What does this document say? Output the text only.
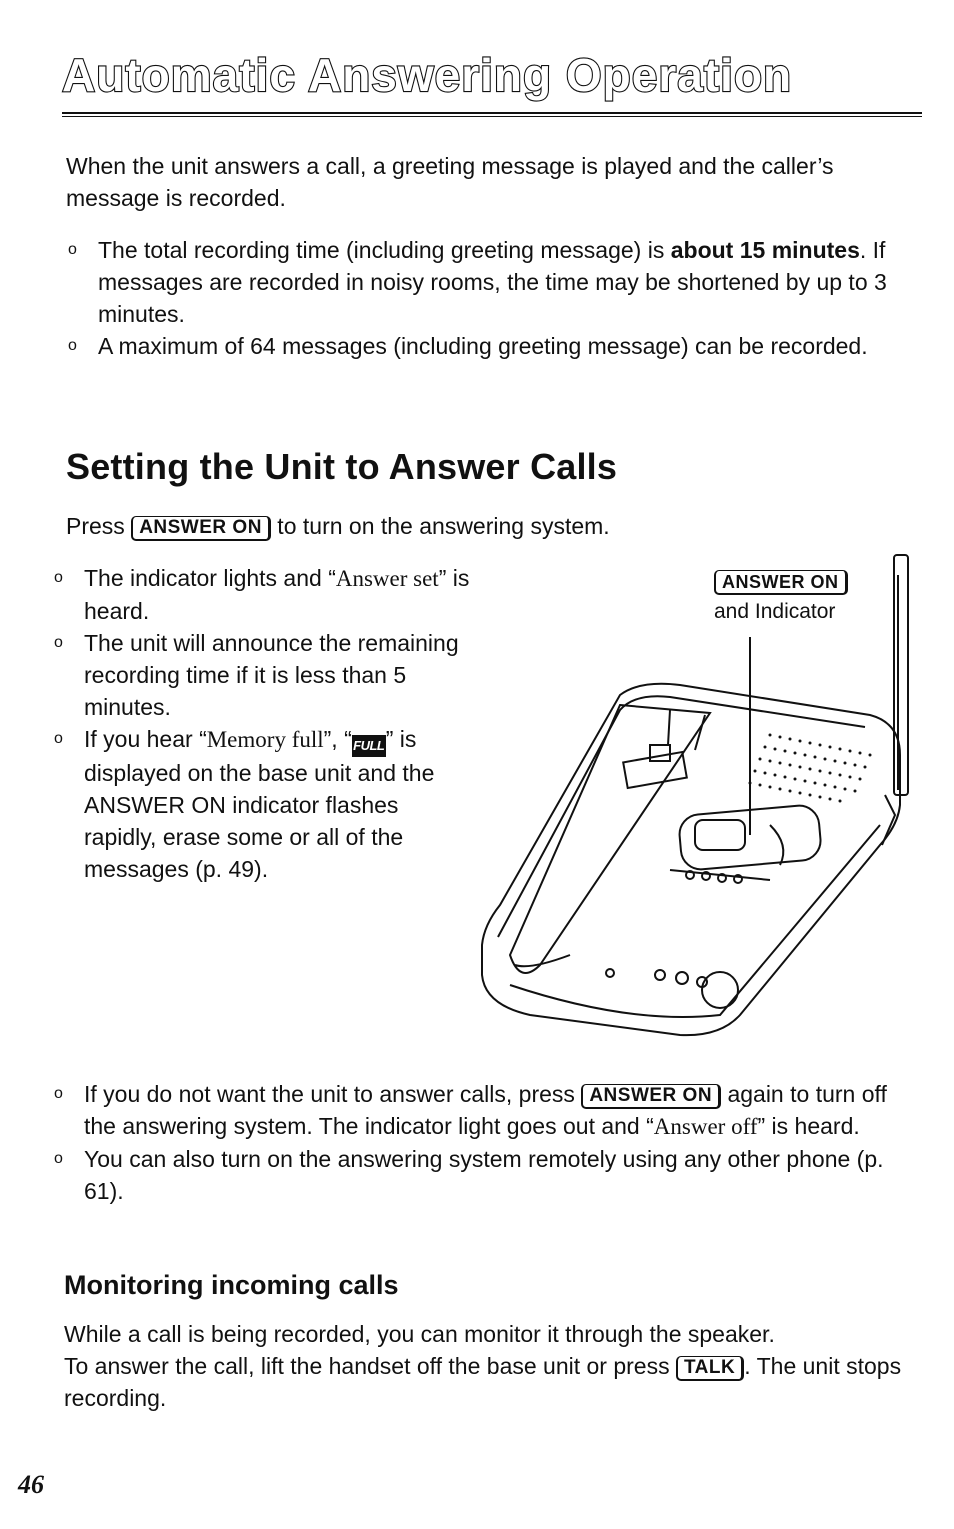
Automatic Answering Operation
When the unit answers a call, a greeting message is played and the caller’s message is recorded.
o The total recording time (including greeting message) is about 15 minutes. If messages are recorded in noisy rooms, the time may be shortened by up to 3 minutes.
o A maximum of 64 messages (including greeting message) can be recorded.
Setting the Unit to Answer Calls
Press ANSWER ON to turn on the answering system.
o The indicator lights and “Answer set” is heard.
o The unit will announce the remaining recording time if it is less than 5 minutes.
o If you hear “Memory full”, “FULL” is displayed on the base unit and the ANSWER ON indicator flashes rapidly, erase some or all of the messages (p. 49).
ANSWER ON
and Indicator
o If you do not want the unit to answer calls, press ANSWER ON again to turn off the answering system. The indicator light goes out and “Answer off” is heard.
o You can also turn on the answering system remotely using any other phone (p. 61).
Monitoring incoming calls
While a call is being recorded, you can monitor it through the speaker.
To answer the call, lift the handset off the base unit or press TALK . The unit stops recording.
46
